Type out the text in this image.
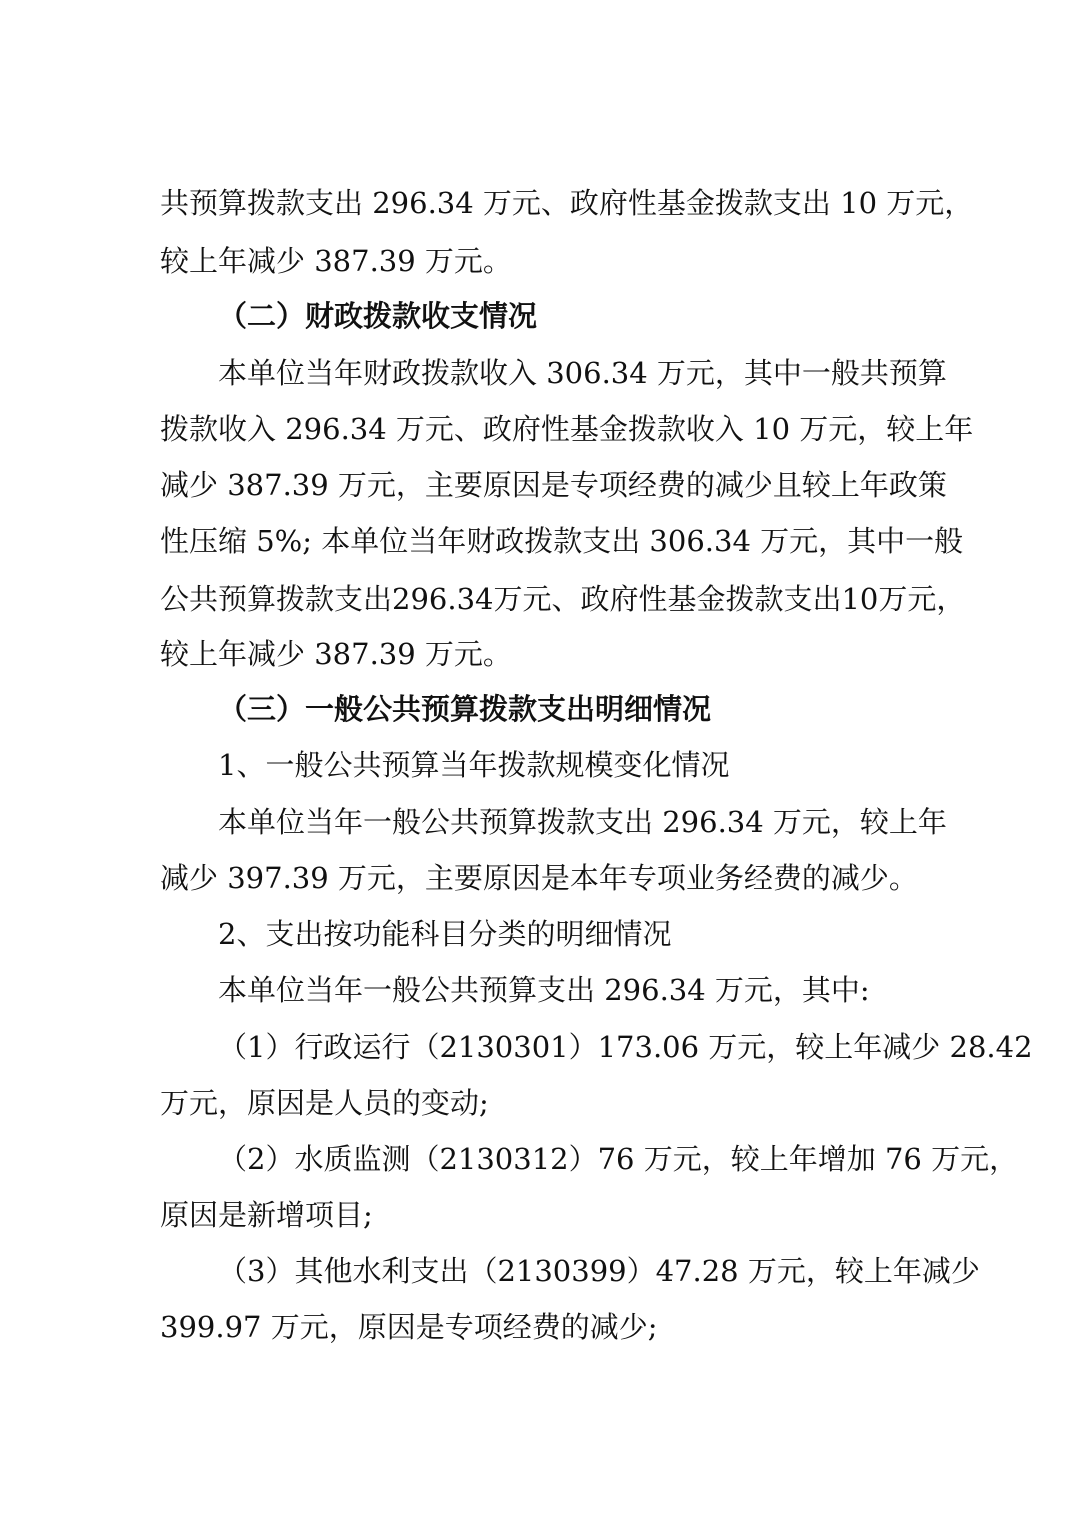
共预算拨款支出 296.34 万元、政府性基金拨款支出 10 万元，
较上年减少 387.39 万元。
（二）财政拨款收支情况
本单位当年财政拨款收入 306.34 万元，其中一般共预算
拨款收入 296.34 万元、政府性基金拨款收入 10 万元，较上年
减少 387.39 万元，主要原因是专项经费的减少且较上年政策
性压缩 5%; 本单位当年财政拨款支出 306.34 万元，其中一般
公共预算拨款支出296.34万元、政府性基金拨款支出10万元，
较上年减少 387.39 万元。
（三）一般公共预算拨款支出明细情况
1、一般公共预算当年拨款规模变化情况
本单位当年一般公共预算拨款支出 296.34 万元，较上年
减少 397.39 万元，主要原因是本年专项业务经费的减少。
2、支出按功能科目分类的明细情况
本单位当年一般公共预算支出 296.34 万元，其中:
（1）行政运行（2130301）173.06 万元，较上年减少 28.42
万元，原因是人员的变动;
（2）水质监测（2130312）76 万元，较上年增加 76 万元，
原因是新增项目;
（3）其他水利支出（2130399）47.28 万元，较上年减少
399.97 万元，原因是专项经费的减少;
